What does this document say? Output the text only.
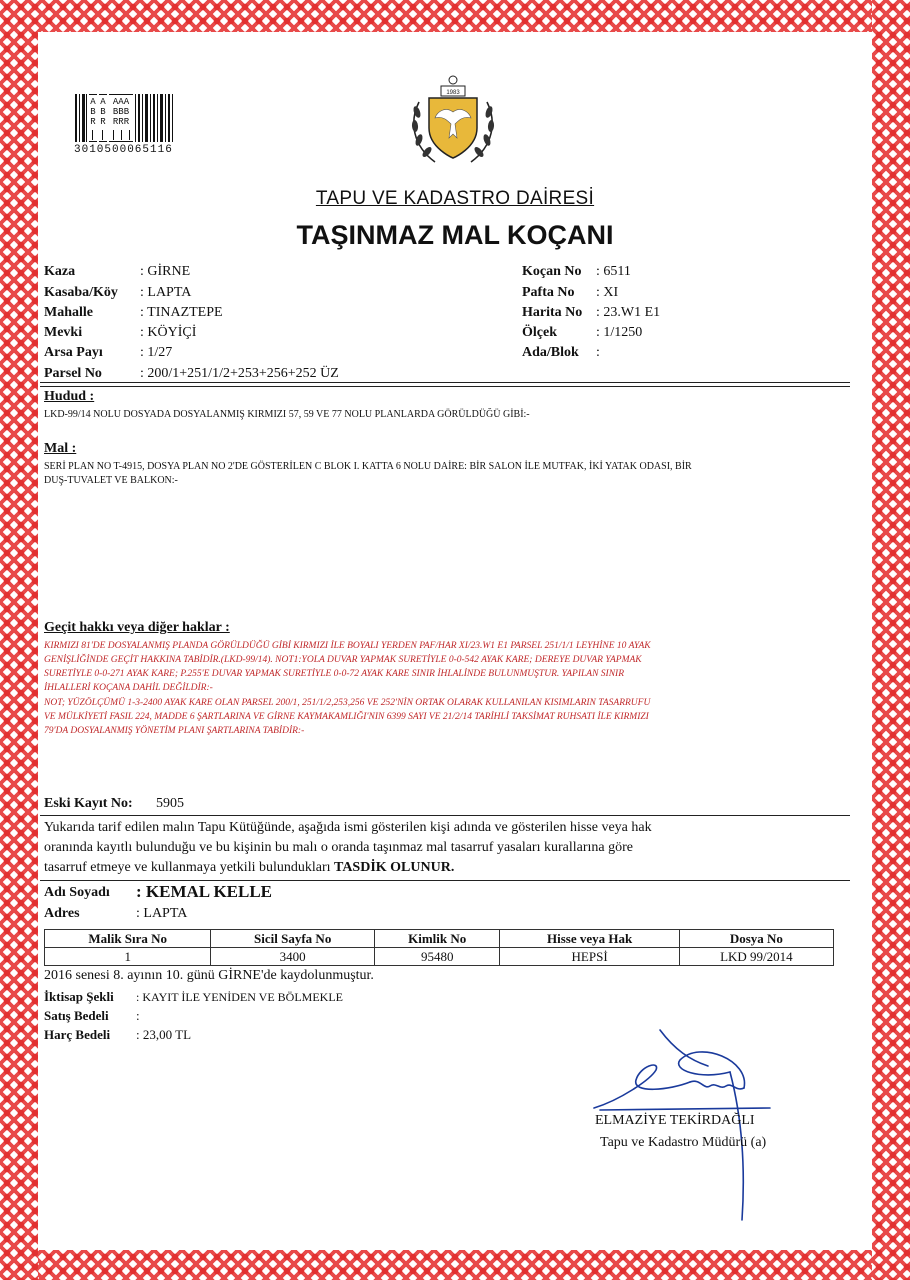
A
B
R
A
B
R
AAA
BBB
RRR
3010500065116
1983
TAPU VE KADASTRO DAİRESİ
TAŞINMAZ MAL KOÇANI
Kaza	: GİRNE
Kasaba/Köy : LAPTA
Mahalle	: TINAZTEPE
Mevki	: KÖYİÇİ
Arsa Payı	: 1/27
Parsel No	: 200/1+251/1/2+253+256+252 ÜZ
Koçan No : 6511
Pafta No : XI
Harita No : 23.W1 E1
Ölçek	: 1/1250
Ada/Blok :
Hudud :
LKD-99/14 NOLU DOSYADA DOSYALANMIŞ KIRMIZI 57, 59 VE 77 NOLU PLANLARDA GÖRÜLDÜĞÜ GİBİ:-
Mal :
SERİ PLAN NO T-4915, DOSYA PLAN NO 2'DE GÖSTERİLEN C BLOK I. KATTA 6 NOLU DAİRE: BİR SALON İLE MUTFAK, İKİ YATAK ODASI, BİR
DUŞ-TUVALET VE BALKON:-
Geçit hakkı veya diğer haklar :
KIRMIZI 81'DE DOSYALANMIŞ PLANDA GÖRÜLDÜĞÜ GİBİ KIRMIZI İLE BOYALI YERDEN PAF/HAR XI/23.W1 E1 PARSEL 251/1/1 LEYHİNE 10 AYAK
GENİŞLİĞİNDE GEÇİT HAKKINA TABİDİR.(LKD-99/14). NOT1:YOLA DUVAR YAPMAK SURETİYLE 0-0-542 AYAK KARE; DEREYE DUVAR YAPMAK
SURETİYLE 0-0-271 AYAK KARE; P.255'E DUVAR YAPMAK SURETİYLE 0-0-72 AYAK KARE SINIR İHLALİNDE BULUNMUŞTUR. YAPILAN SINIR
İHLALLERİ KOÇANA DAHİL DEĞİLDİR:-
NOT; YÜZÖLÇÜMÜ 1-3-2400 AYAK KARE OLAN PARSEL 200/1, 251/1/2,253,256 VE 252'NİN ORTAK OLARAK KULLANILAN KISIMLARIN TASARRUFU
VE MÜLKİYETİ FASIL 224, MADDE 6 ŞARTLARINA VE GİRNE KAYMAKAMLIĞI'NIN 6399 SAYI VE 21/2/14 TARİHLİ TAKSİMAT RUHSATI İLE KIRMIZI
79'DA DOSYALANMIŞ YÖNETİM PLANI ŞARTLARINA TABİDİR:-
Eski Kayıt No: 5905
Yukarıda tarif edilen malın Tapu Kütüğünde, aşağıda ismi gösterilen kişi adında ve gösterilen hisse veya hak
oranında kayıtlı bulunduğu ve bu kişinin bu malı o oranda taşınmaz mal tasarruf yasaları kurallarına göre
tasarruf etmeye ve kullanmaya yetkili bulundukları TASDİK OLUNUR.
Adı Soyadı : KEMAL KELLE
Adres	: LAPTA
Malik Sıra No	Sicil Sayfa No	Kimlik No	Hisse veya Hak	Dosya No
1	3400	95480	HEPSİ	LKD 99/2014
2016 senesi 8. ayının 10. günü GİRNE'de kaydolunmuştur.
İktisap Şekli : KAYIT İLE YENİDEN VE BÖLMEKLE
Satış Bedeli :
Harç Bedeli : 23,00 TL
ELMAZİYE TEKİRDAĞLI
Tapu ve Kadastro Müdürü (a)
